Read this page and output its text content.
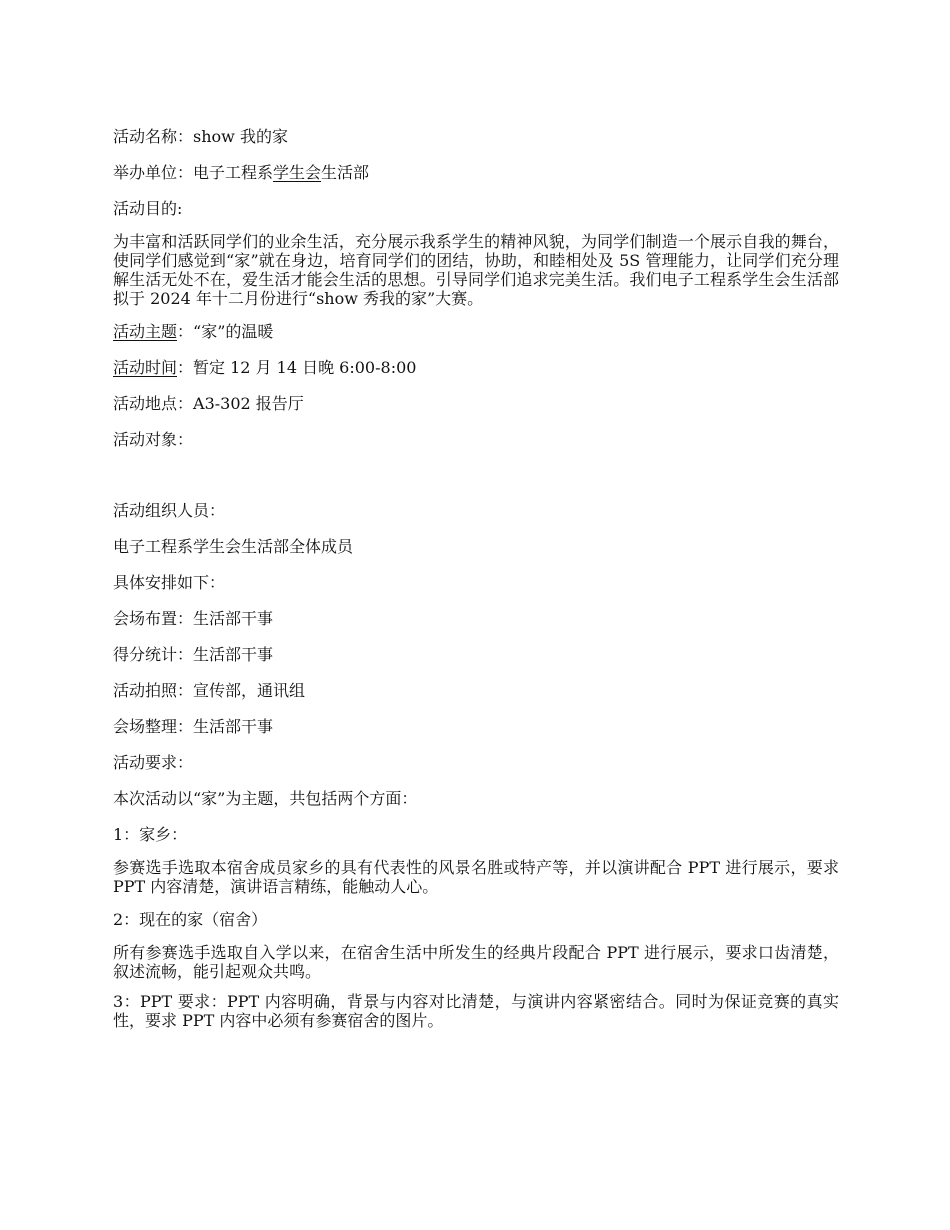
活动名称：show 我的家

举办单位：电子工程系学生会生活部

活动目的:

为丰富和活跃同学们的业余生活，充分展示我系学生的精神风貌，为同学们制造一个展示自我的舞台，使同学们感觉到“家”就在身边，培育同学们的团结，协助，和睦相处及 5S 管理能力，让同学们充分理解生活无处不在，爱生活才能会生活的思想。引导同学们追求完美生活。我们电子工程系学生会生活部拟于 2024 年十二月份进行“show 秀我的家”大赛。

活动主题：“家”的温暖

活动时间：暂定 12 月 14 日晚 6:00-8:00

活动地点：A3-302 报告厅

活动对象：

活动组织人员：

电子工程系学生会生活部全体成员

具体安排如下：

会场布置：生活部干事

得分统计：生活部干事

活动拍照：宣传部，通讯组

会场整理：生活部干事

活动要求：

本次活动以“家”为主题，共包括两个方面：

1：家乡：

参赛选手选取本宿舍成员家乡的具有代表性的风景名胜或特产等，并以演讲配合 PPT 进行展示，要求 PPT 内容清楚，演讲语言精练，能触动人心。

2：现在的家（宿舍）

所有参赛选手选取自入学以来，在宿舍生活中所发生的经典片段配合 PPT 进行展示，要求口齿清楚，叙述流畅，能引起观众共鸣。

3：PPT 要求：PPT 内容明确，背景与内容对比清楚，与演讲内容紧密结合。同时为保证竞赛的真实性，要求 PPT 内容中必须有参赛宿舍的图片。
